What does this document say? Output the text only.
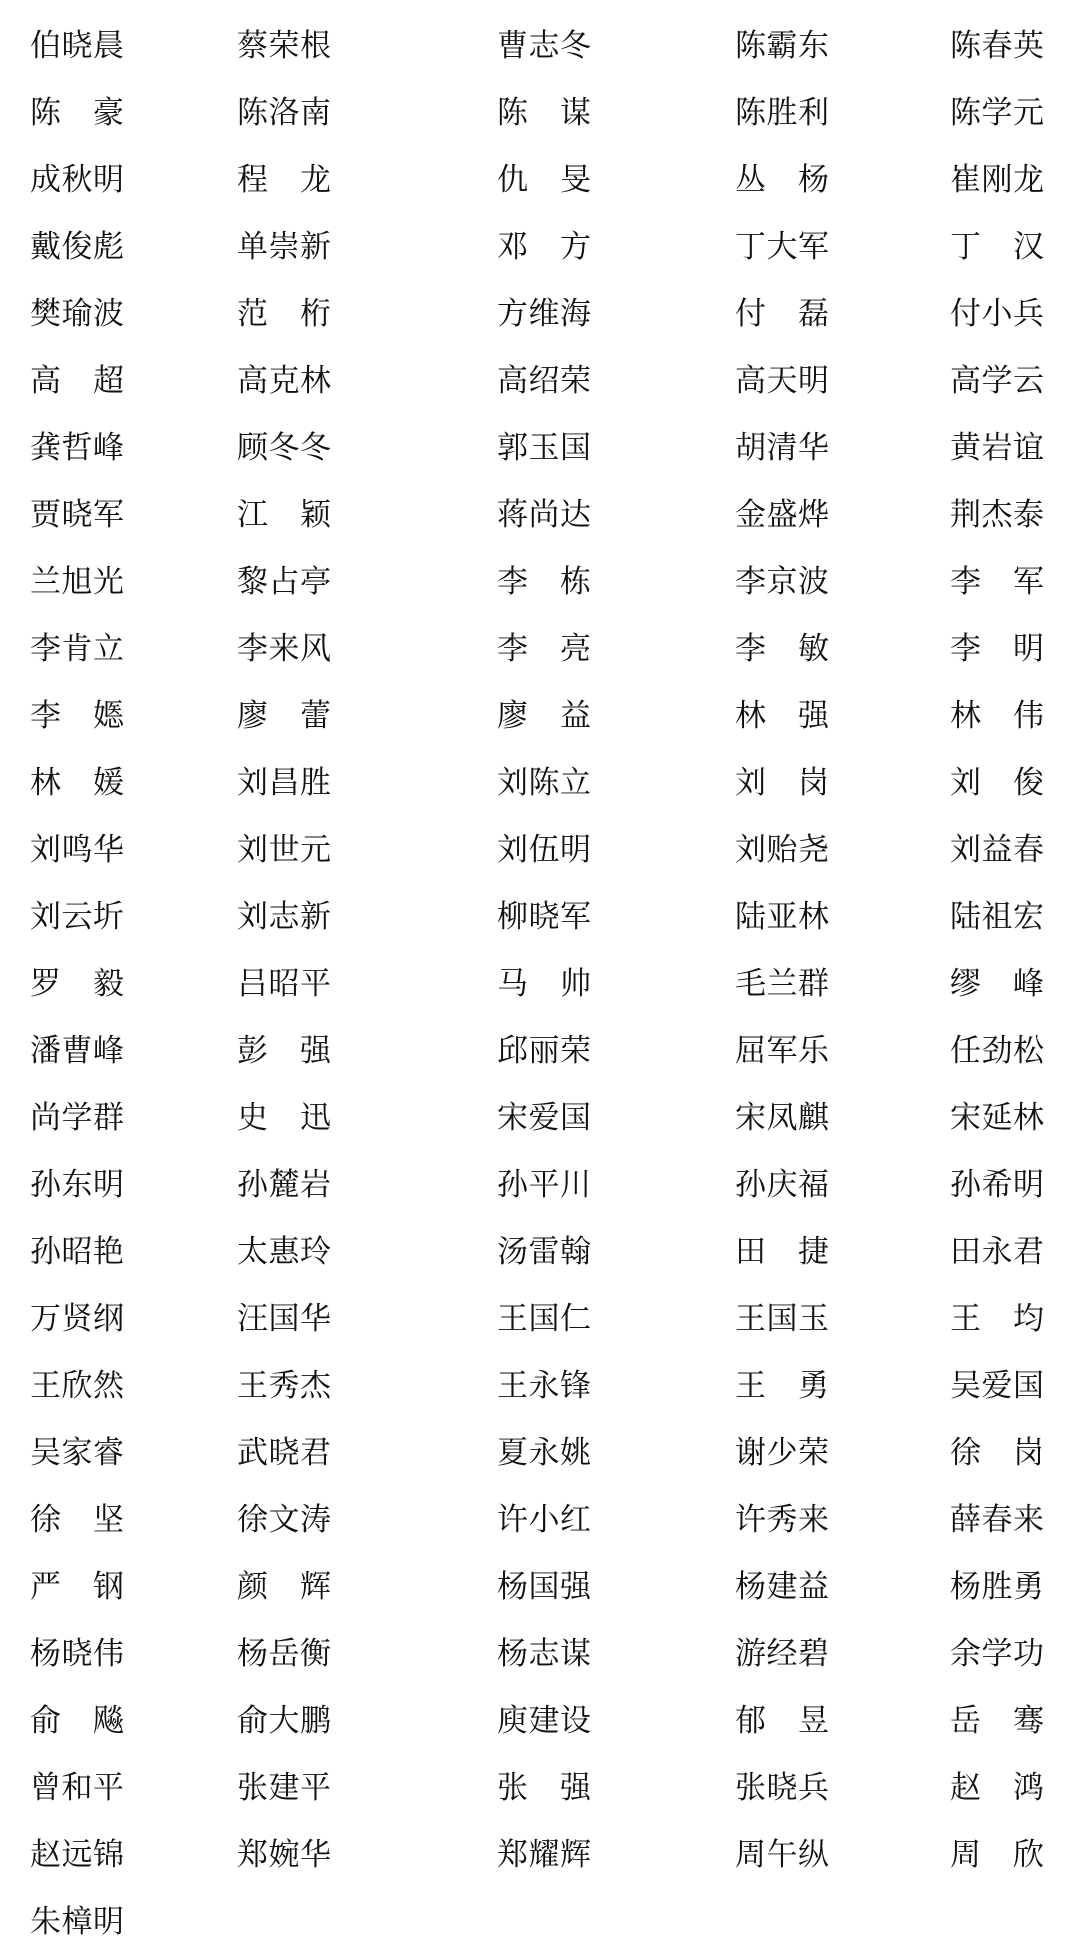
伯晓晨	蔡荣根	曹志冬	陈霸东	陈春英
陈　豪	陈洛南	陈　谋	陈胜利	陈学元
成秋明	程　龙	仇　旻	丛　杨	崔刚龙
戴俊彪	单崇新	邓　方	丁大军	丁　汉
樊瑜波	范　桁	方维海	付　磊	付小兵
高　超	高克林	高绍荣	高天明	高学云
龚哲峰	顾冬冬	郭玉国	胡清华	黄岩谊
贾晓军	江　颖	蒋尚达	金盛烨	荆杰泰
兰旭光	黎占亭	李　栋	李京波	李　军
李肯立	李来风	李　亮	李　敏	李　明
李　嫕	廖　蕾	廖　益	林　强	林　伟
林　媛	刘昌胜	刘陈立	刘　岗	刘　俊
刘鸣华	刘世元	刘伍明	刘贻尧	刘益春
刘云圻	刘志新	柳晓军	陆亚林	陆祖宏
罗　毅	吕昭平	马　帅	毛兰群	缪　峰
潘曹峰	彭　强	邱丽荣	屈军乐	任劲松
尚学群	史　迅	宋爱国	宋凤麒	宋延林
孙东明	孙麓岩	孙平川	孙庆福	孙希明
孙昭艳	太惠玲	汤雷翰	田　捷	田永君
万贤纲	汪国华	王国仁	王国玉	王　均
王欣然	王秀杰	王永锋	王　勇	吴爱国
吴家睿	武晓君	夏永姚	谢少荣	徐　岗
徐　坚	徐文涛	许小红	许秀来	薛春来
严　钢	颜　辉	杨国强	杨建益	杨胜勇
杨晓伟	杨岳衡	杨志谋	游经碧	余学功
俞　飚	俞大鹏	庾建设	郁　昱	岳　骞
曾和平	张建平	张　强	张晓兵	赵　鸿
赵远锦	郑婉华	郑耀辉	周午纵	周　欣
朱樟明
